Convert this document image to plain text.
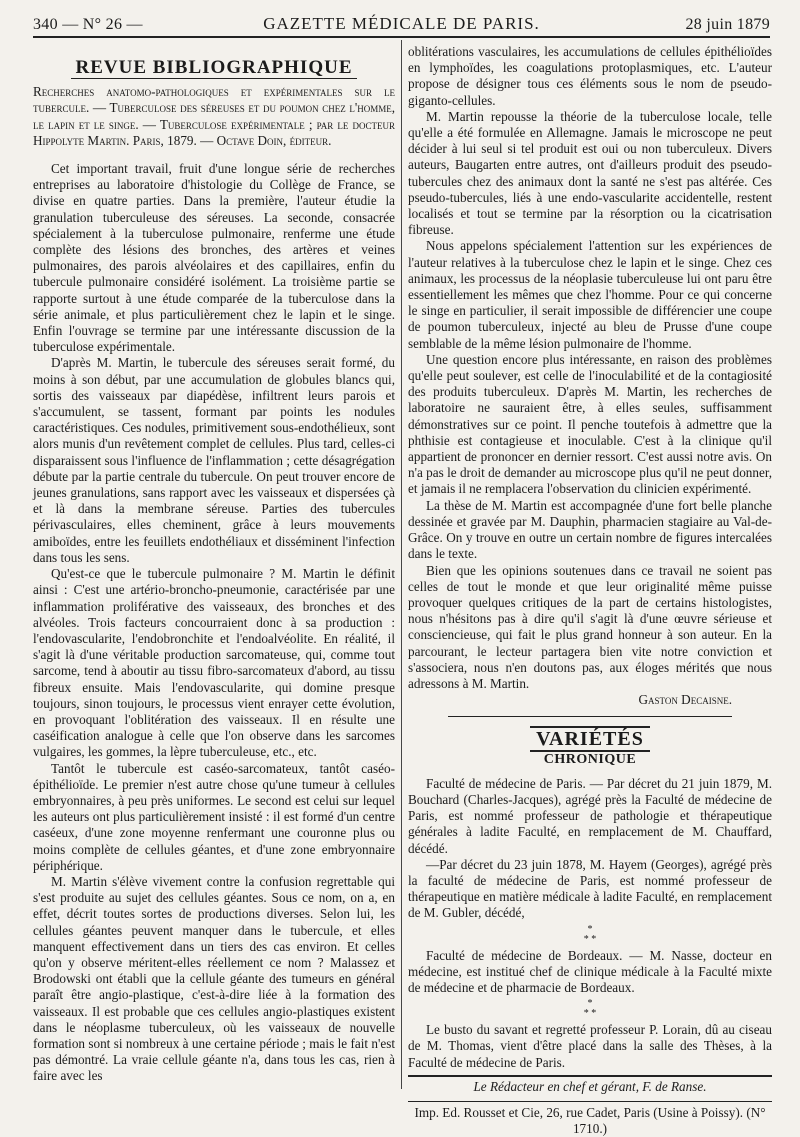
340 — N° 26 —	GAZETTE MÉDICALE DE PARIS.	28 juin 1879
REVUE BIBLIOGRAPHIQUE

Recherches anatomo-pathologiques et expérimentales sur le tubercule. — Tuberculose des séreuses et du poumon chez l'homme, le lapin et le singe. — Tuberculose expérimentale ; par le docteur Hippolyte Martin. Paris, 1879. — Octave Doin, éditeur.

Cet important travail, fruit d'une longue série de recherches entreprises au laboratoire d'histologie du Collège de France, se divise en quatre parties. Dans la première, l'auteur étudie la granulation tuberculeuse des séreuses. La seconde, consacrée spécialement à la tuberculose pulmonaire, renferme une étude complète des lésions des bronches, des artères et veines pulmonaires, des parois alvéolaires et des capillaires, enfin du tubercule pulmonaire considéré isolément. La troisième partie se rapporte surtout à une étude comparée de la tuberculose dans la série animale, et plus particulièrement chez le lapin et le singe. Enfin l'ouvrage se termine par une intéressante discussion de la tuberculose expérimentale.

D'après M. Martin, le tubercule des séreuses serait formé, du moins à son début, par une accumulation de globules blancs qui, sortis des vaisseaux par diapédèse, infiltrent leurs parois et s'accumulent, se tassent, formant par points les nodules caractéristiques. Ces nodules, primitivement sous-endothélieux, sont alors munis d'un revêtement complet de cellules. Plus tard, celles-ci disparaissent sous l'influence de l'inflammation ; cette désagrégation débute par la partie centrale du tubercule. On peut trouver encore de jeunes granulations, sans rapport avec les vaisseaux et dispersées çà et là dans la membrane séreuse. Parties des tubercules périvasculaires, elles cheminent, grâce à leurs mouvements amiboïdes, entre les feuillets endothéliaux et disséminent l'infection dans tous les sens.

Qu'est-ce que le tubercule pulmonaire ? M. Martin le définit ainsi : C'est une artério-broncho-pneumonie, caractérisée par une inflammation proliférative des vaisseaux, des bronches et des alvéoles. Trois facteurs concourraient donc à sa production : l'endovascularite, l'endobronchite et l'endoalvéolite. En réalité, il s'agit là d'une véritable production sarcomateuse, qui, comme tout sarcome, tend à aboutir au tissu fibro-sarcomateux d'abord, au tissu fibreux ensuite. Mais l'endovascularite, qui domine presque toujours, sinon toujours, le processus vient enrayer cette évolution, en provoquant l'oblitération des vaisseaux. Il en résulte une caséification analogue à celle que l'on observe dans les sarcomes vulgaires, les gommes, la lèpre tuberculeuse, etc., etc.

Tantôt le tubercule est caséo-sarcomateux, tantôt caséo-épithélioïde. Le premier n'est autre chose qu'une tumeur à cellules embryonnaires, à peu près uniformes. Le second est celui sur lequel les auteurs ont plus particulièrement insisté : il est formé d'un centre caséeux, d'une zone moyenne renfermant une couronne plus ou moins complète de cellules géantes, et d'une zone embryonnaire périphérique.

M. Martin s'élève vivement contre la confusion regrettable qui s'est produite au sujet des cellules géantes. Sous ce nom, on a, en effet, décrit toutes sortes de productions diverses. Selon lui, les cellules géantes peuvent manquer dans le tubercule, et elles manquent effectivement dans un tiers des cas environ. Et celles qu'on y observe méritent-elles réellement ce nom ? Malassez et Brodowski ont établi que la cellule géante des tumeurs en général paraît être angio-plastique, c'est-à-dire liée à la formation des vaisseaux. Il est probable que ces cellules angio-plastiques existent dans le néoplasme tuberculeux, où les vaisseaux de nouvelle formation sont si nombreux à une certaine période ; mais le fait n'est pas démontré. La vraie cellule géante n'a, dans tous les cas, rien à faire avec les

oblitérations vasculaires, les accumulations de cellules épithélioïdes en lymphoïdes, les coagulations protoplasmiques, etc. L'auteur propose de désigner tous ces éléments sous le nom de pseudo-giganto-cellules.

M. Martin repousse la théorie de la tuberculose locale, telle qu'elle a été formulée en Allemagne. Jamais le microscope ne peut décider à lui seul si tel produit est oui ou non tuberculeux. Divers auteurs, Baugarten entre autres, ont d'ailleurs produit des pseudo-tubercules chez des animaux dont la santé ne s'est pas altérée. Ces pseudo-tubercules, liés à une endo-vascularite accidentelle, restent localisés et tout se termine par la résorption ou la cicatrisation fibreuse.

Nous appelons spécialement l'attention sur les expériences de l'auteur relatives à la tuberculose chez le lapin et le singe. Chez ces animaux, les processus de la néoplasie tuberculeuse lui ont paru être essentiellement les mêmes que chez l'homme. Pour ce qui concerne le singe en particulier, il serait impossible de différencier une coupe de poumon tuberculeux, injecté au bleu de Prusse d'une coupe semblable de la même lésion pulmonaire de l'homme.

Une question encore plus intéressante, en raison des problèmes qu'elle peut soulever, est celle de l'inoculabilité et de la contagiosité des produits tuberculeux. D'après M. Martin, les recherches de laboratoire ne sauraient être, à elles seules, suffisamment démonstratives sur ce point. Il penche toutefois à admettre que la phthisie est contagieuse et inoculable. C'est à la clinique qu'il appartient de prononcer en dernier ressort. C'est aussi notre avis. On n'a pas le droit de demander au microscope plus qu'il ne peut donner, et jamais il ne remplacera l'observation du clinicien expérimenté.

La thèse de M. Martin est accompagnée d'une fort belle planche dessinée et gravée par M. Dauphin, pharmacien stagiaire au Val-de-Grâce. On y trouve en outre un certain nombre de figures intercalées dans le texte.

Bien que les opinions soutenues dans ce travail ne soient pas celles de tout le monde et que leur originalité même puisse provoquer quelques critiques de la part de certains histologistes, nous n'hésitons pas à dire qu'il s'agit là d'une œuvre sérieuse et consciencieuse, qui fait le plus grand honneur à son auteur. En la parcourant, le lecteur partagera bien vite notre conviction et s'associera, nous n'en doutons pas, aux éloges mérités que nous adressons à M. Martin.

Gaston Decaisne.

VARIÉTÉS
CHRONIQUE

Faculté de médecine de Paris. — Par décret du 21 juin 1879, M. Bouchard (Charles-Jacques), agrégé près la Faculté de médecine de Paris, est nommé professeur de pathologie et thérapeutique générales à ladite Faculté, en remplacement de M. Chauffard, décédé.

—Par décret du 23 juin 1878, M. Hayem (Georges), agrégé près la faculté de médecine de Paris, est nommé professeur de thérapeutique en matière médicale à ladite Faculté, en remplacement de M. Gubler, décédé,

*
* *

Faculté de médecine de Bordeaux. — M. Nasse, docteur en médecine, est institué chef de clinique médicale à la Faculté mixte de médecine et de pharmacie de Bordeaux.

*
* *

Le busto du savant et regretté professeur P. Lorain, dû au ciseau de M. Thomas, vient d'être placé dans la salle des Thèses, à la Faculté de médecine de Paris.

Le Rédacteur en chef et gérant, F. de Ranse.

Imp. Ed. Rousset et Cie, 26, rue Cadet, Paris (Usine à Poissy). (N° 1710.)
